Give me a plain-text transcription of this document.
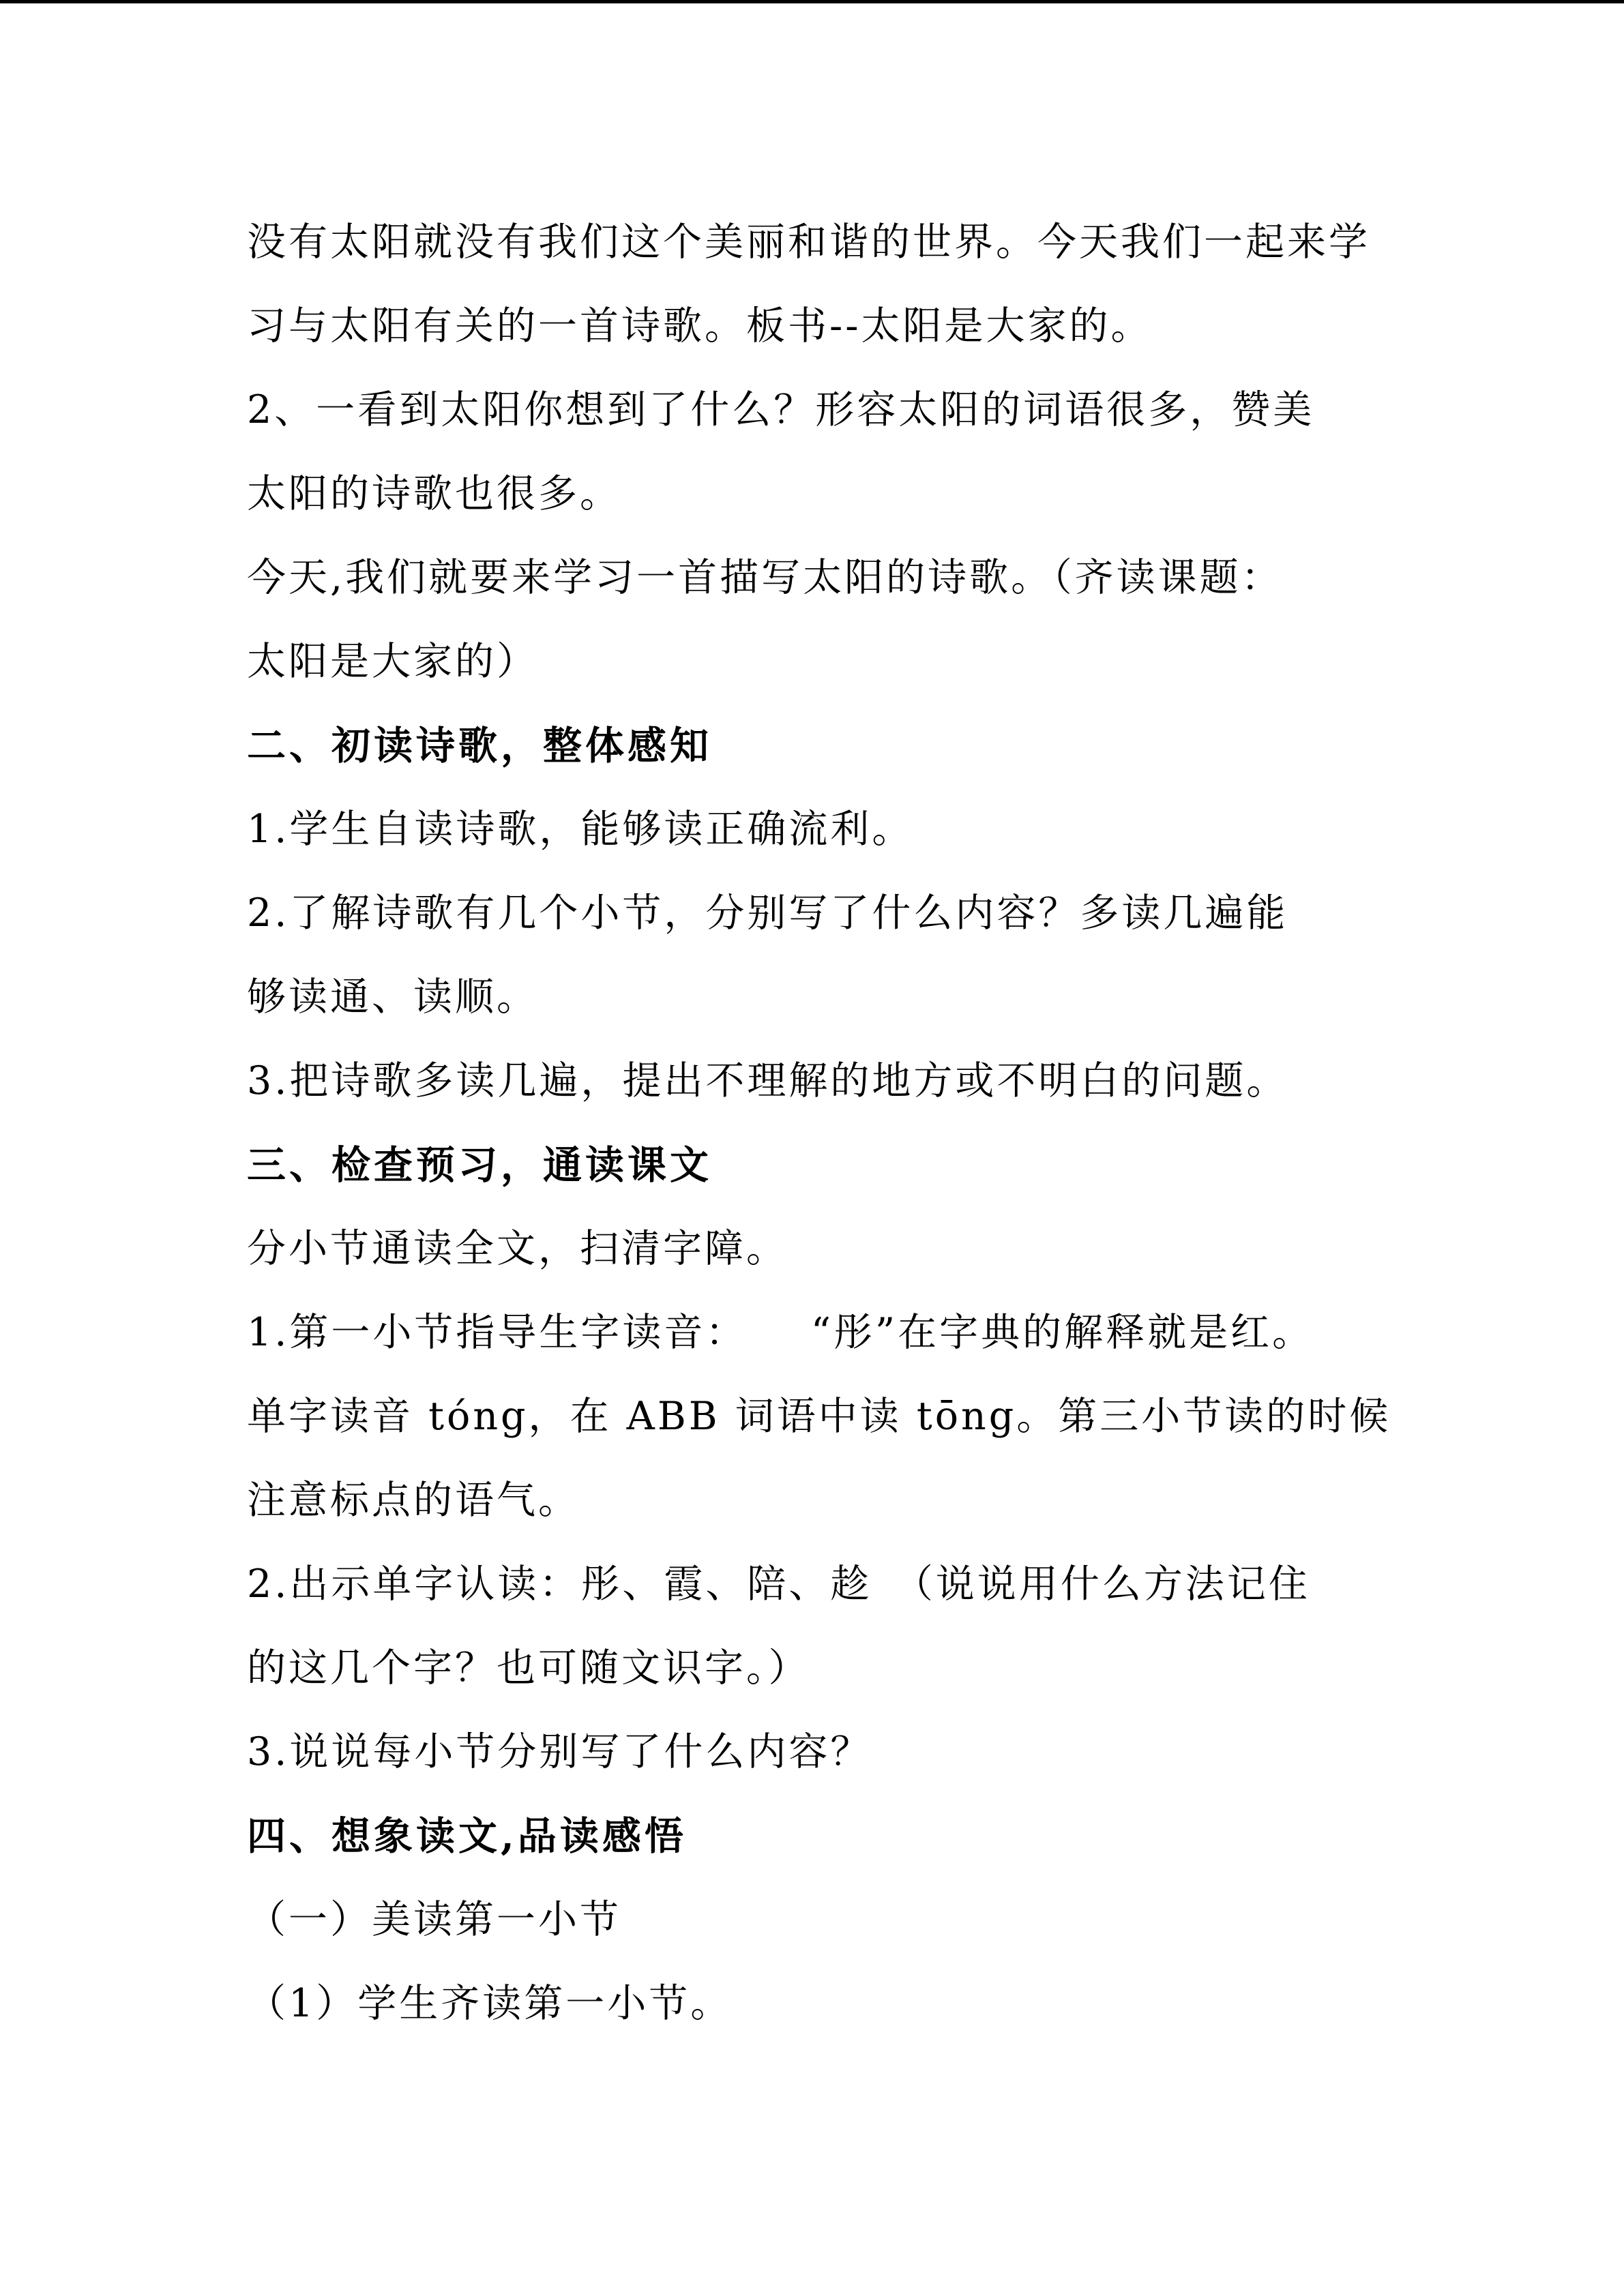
没有太阳就没有我们这个美丽和谐的世界。今天我们一起来学
习与太阳有关的一首诗歌。板书--太阳是大家的。
2、一看到太阳你想到了什么？形容太阳的词语很多，赞美
太阳的诗歌也很多。
今天,我们就要来学习一首描写太阳的诗歌。（齐读课题：
太阳是大家的）
二、初读诗歌，整体感知
1.学生自读诗歌，能够读正确流利。
2.了解诗歌有几个小节，分别写了什么内容？多读几遍能
够读通、读顺。
3.把诗歌多读几遍，提出不理解的地方或不明白的问题。
三、检查预习，通读课文
分小节通读全文，扫清字障。
1.第一小节指导生字读音：　　“彤”在字典的解释就是红。
单字读音 tóng，在 ABB 词语中读 tōng。第三小节读的时候
注意标点的语气。
2.出示单字认读：彤、霞、陪、趁　（说说用什么方法记住
的这几个字？也可随文识字。）
3.说说每小节分别写了什么内容？
四、想象读文,品读感悟
（一）美读第一小节
（1）学生齐读第一小节。
